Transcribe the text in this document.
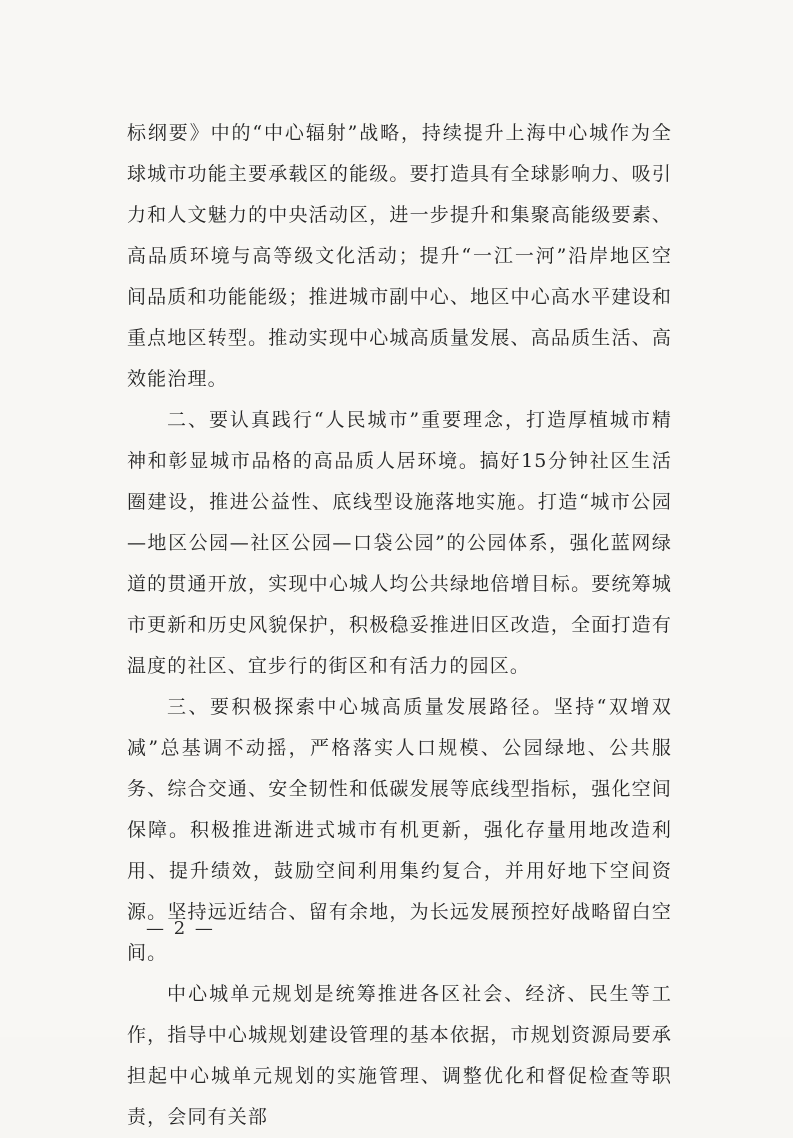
标纲要》中的“中心辐射”战略，持续提升上海中心城作为全球城市功能主要承载区的能级。要打造具有全球影响力、吸引力和人文魅力的中央活动区，进一步提升和集聚高能级要素、高品质环境与高等级文化活动；提升“一江一河”沿岸地区空间品质和功能能级；推进城市副中心、地区中心高水平建设和重点地区转型。推动实现中心城高质量发展、高品质生活、高效能治理。

二、要认真践行“人民城市”重要理念，打造厚植城市精神和彰显城市品格的高品质人居环境。搞好15分钟社区生活圈建设，推进公益性、底线型设施落地实施。打造“城市公园—地区公园—社区公园—口袋公园”的公园体系，强化蓝网绿道的贯通开放，实现中心城人均公共绿地倍增目标。要统筹城市更新和历史风貌保护，积极稳妥推进旧区改造，全面打造有温度的社区、宜步行的街区和有活力的园区。

三、要积极探索中心城高质量发展路径。坚持“双增双减”总基调不动摇，严格落实人口规模、公园绿地、公共服务、综合交通、安全韧性和低碳发展等底线型指标，强化空间保障。积极推进渐进式城市有机更新，强化存量用地改造利用、提升绩效，鼓励空间利用集约复合，并用好地下空间资源。坚持远近结合、留有余地，为长远发展预控好战略留白空间。

中心城单元规划是统筹推进各区社会、经济、民生等工作，指导中心城规划建设管理的基本依据，市规划资源局要承担起中心城单元规划的实施管理、调整优化和督促检查等职责，会同有关部

— 2 —
